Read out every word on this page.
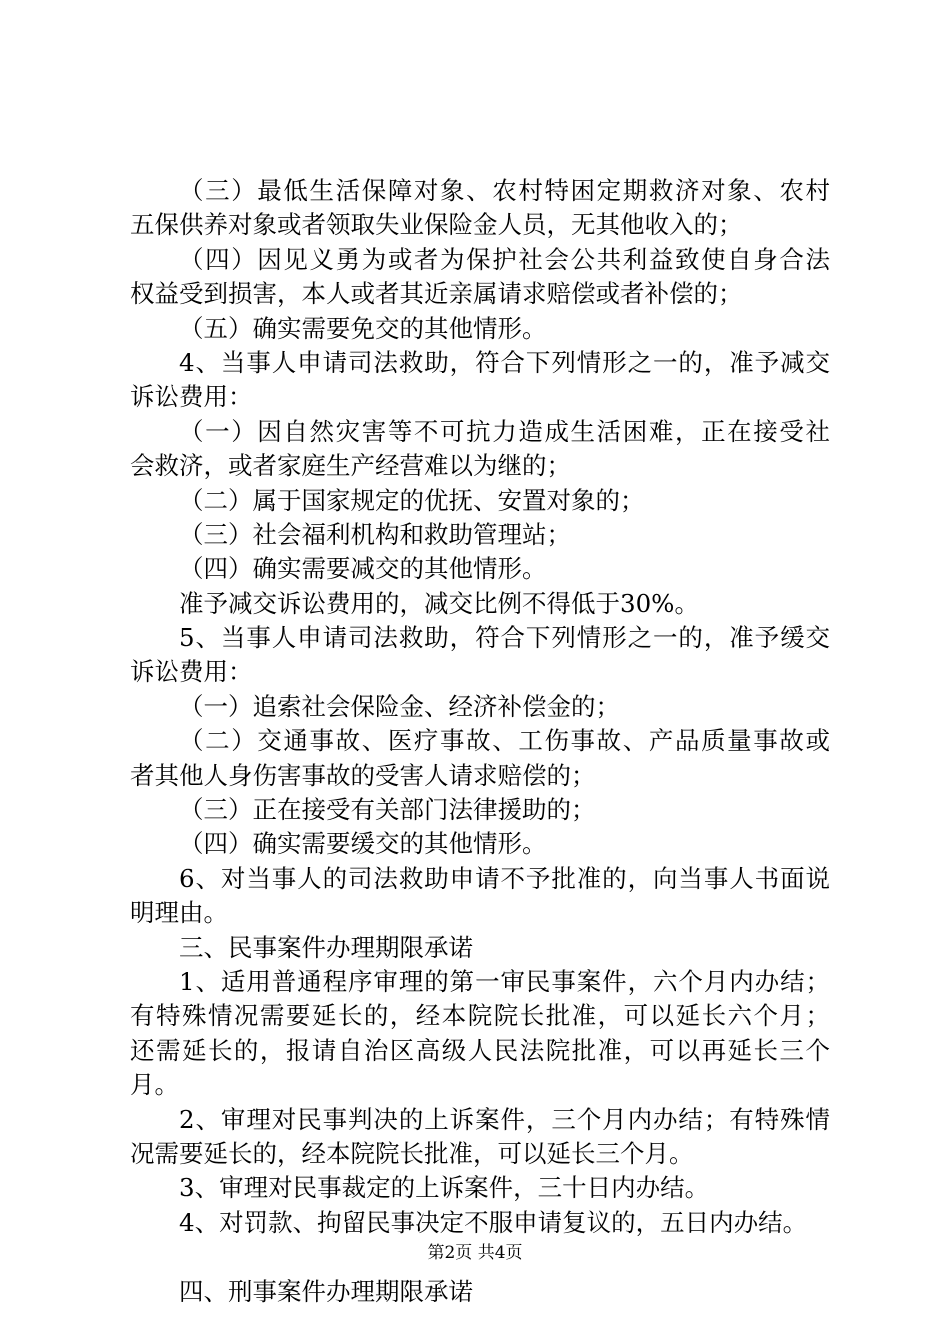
（三）最低生活保障对象、农村特困定期救济对象、农村
五保供养对象或者领取失业保险金人员，无其他收入的；
（四）因见义勇为或者为保护社会公共利益致使自身合法
权益受到损害，本人或者其近亲属请求赔偿或者补偿的；
（五）确实需要免交的其他情形。
4、当事人申请司法救助，符合下列情形之一的，准予减交
诉讼费用：
（一）因自然灾害等不可抗力造成生活困难，正在接受社
会救济，或者家庭生产经营难以为继的；
（二）属于国家规定的优抚、安置对象的；
（三）社会福利机构和救助管理站；
（四）确实需要减交的其他情形。
准予减交诉讼费用的，减交比例不得低于30%。
5、当事人申请司法救助，符合下列情形之一的，准予缓交
诉讼费用：
（一）追索社会保险金、经济补偿金的；
（二）交通事故、医疗事故、工伤事故、产品质量事故或
者其他人身伤害事故的受害人请求赔偿的；
（三）正在接受有关部门法律援助的；
（四）确实需要缓交的其他情形。
6、对当事人的司法救助申请不予批准的，向当事人书面说
明理由。
三、民事案件办理期限承诺
1、适用普通程序审理的第一审民事案件，六个月内办结；
有特殊情况需要延长的，经本院院长批准，可以延长六个月；
还需延长的，报请自治区高级人民法院批准，可以再延长三个
月。
2、审理对民事判决的上诉案件，三个月内办结；有特殊情
况需要延长的，经本院院长批准，可以延长三个月。
3、审理对民事裁定的上诉案件，三十日内办结。
4、对罚款、拘留民事决定不服申请复议的，五日内办结。
四、刑事案件办理期限承诺
第2页 共4页
